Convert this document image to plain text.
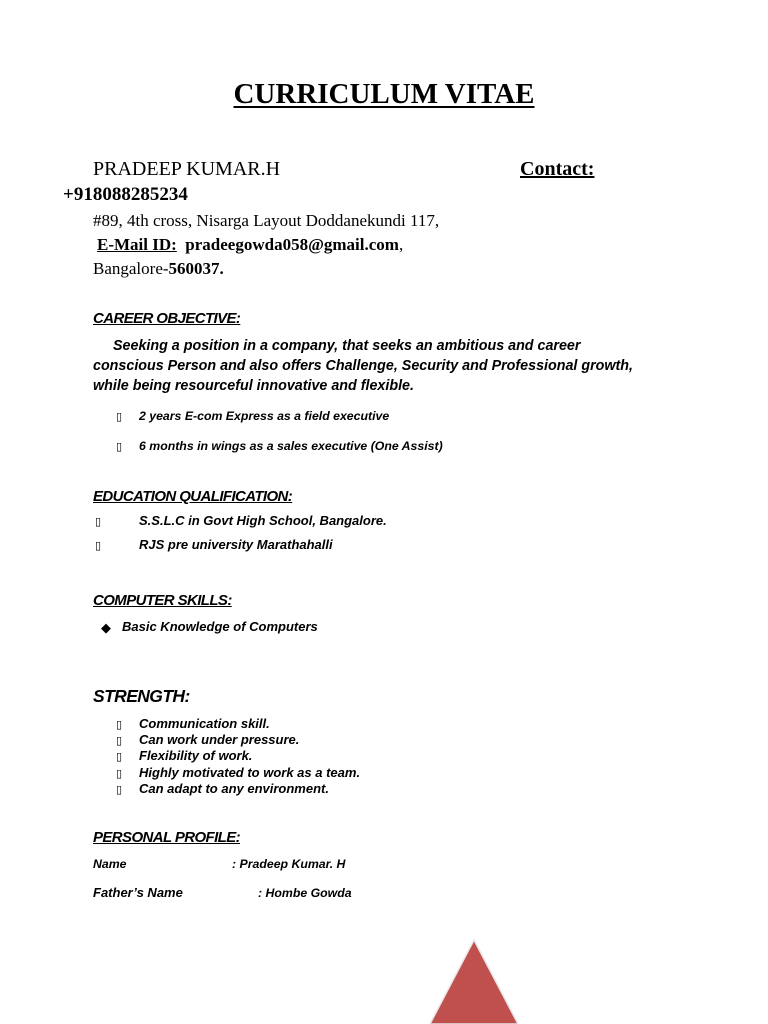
CURRICULUM VITAE
PRADEEP KUMAR.H	Contact:
+918088285234
#89, 4th cross, Nisarga Layout Doddanekundi 117,
E-Mail ID: pradeegowda058@gmail.com,
Bangalore-560037.
CAREER OBJECTIVE:
Seeking a position in a company, that seeks an ambitious and career conscious Person and also offers Challenge, Security and Professional growth, while being resourceful innovative and flexible.
▯ 2 years E-com Express as a field executive
▯ 6 months in wings as a sales executive (One Assist)
EDUCATION QUALIFICATION:
▯	S.S.L.C in Govt High School, Bangalore.
▯	RJS pre university Marathahalli
COMPUTER SKILLS:
◆ Basic Knowledge of Computers
STRENGTH:
▯ Communication skill.
▯ Can work under pressure.
▯ Flexibility of work.
▯ Highly motivated to work as a team.
▯ Can adapt to any environment.
PERSONAL PROFILE:
Name	: Pradeep Kumar. H
Father’s Name	: Hombe Gowda
